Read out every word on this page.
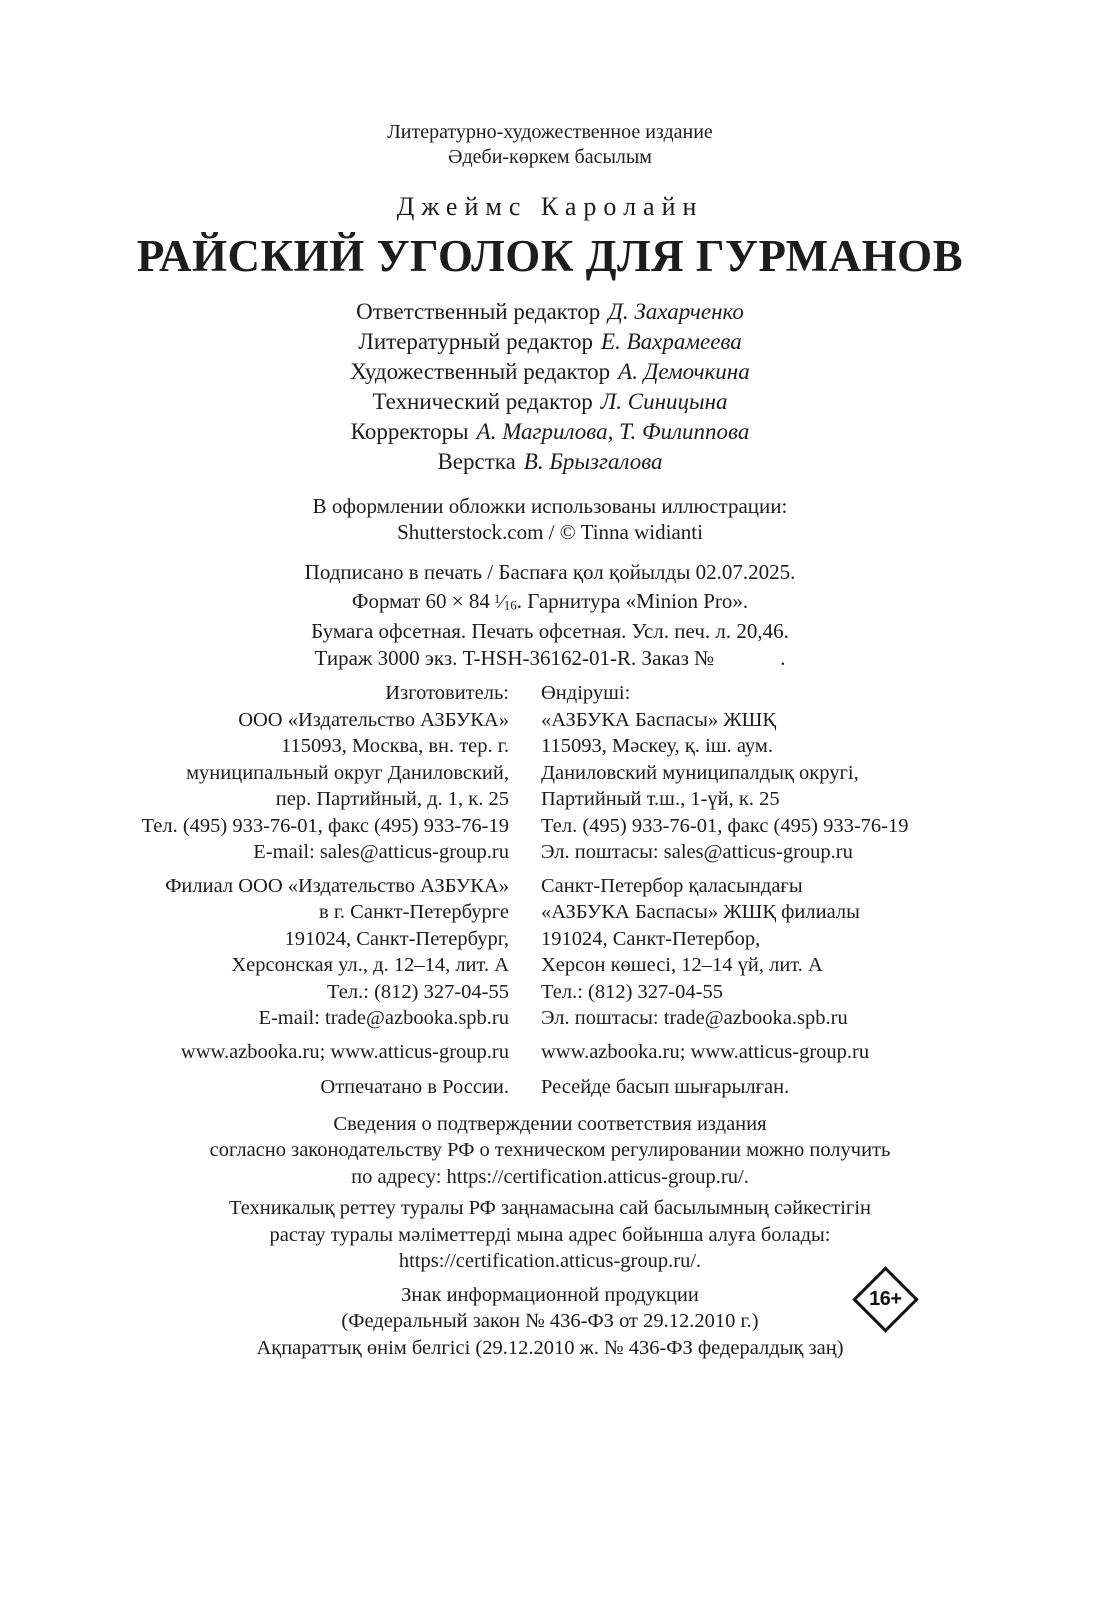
Литературно-художественное издание
Әдеби-көркем басылым
Джеймс Каролайн
РАЙСКИЙ УГОЛОК ДЛЯ ГУРМАНОВ
Ответственный редактор Д. Захарченко
Литературный редактор Е. Вахрамеева
Художественный редактор А. Демочкина
Технический редактор Л. Синицына
Корректоры А. Магрилова, Т. Филиппова
Верстка В. Брызгалова
В оформлении обложки использованы иллюстрации:
Shutterstock.com / © Tinna widianti
Подписано в печать / Баспаға қол қойылды 02.07.2025.
Формат 60 × 84 $^1$⁄16. Гарнитура «Minion Pro».
Бумага офсетная. Печать офсетная. Усл. печ. л. 20,46.
Тираж 3000 экз. T-HSH-36162-01-R. Заказ №	.
Изготовитель:
ООО «Издательство АЗБУКА»
115093, Москва, вн. тер. г.
муниципальный округ Даниловский,
пер. Партийный, д. 1, к. 25
Тел. (495) 933-76-01, факс (495) 933-76-19
E-mail: sales@atticus-group.ru
Филиал ООО «Издательство АЗБУКА»
в г. Санкт-Петербурге
191024, Санкт-Петербург,
Херсонская ул., д. 12–14, лит. А
Тел.: (812) 327-04-55
E-mail: trade@azbooka.spb.ru
www.azbooka.ru; www.atticus-group.ru
Отпечатано в России.
Өндіруші:
«АЗБУКА Баспасы» ЖШҚ
115093, Мәскеу, қ. іш. аум.
Даниловский муниципалдық округі,
Партийный т.ш., 1-үй, к. 25
Тел. (495) 933-76-01, факс (495) 933-76-19
Эл. поштасы: sales@atticus-group.ru
Санкт-Петербор қаласындағы
«АЗБУКА Баспасы» ЖШҚ филиалы
191024, Санкт-Петербор,
Херсон көшесі, 12–14 үй, лит. А
Тел.: (812) 327-04-55
Эл. поштасы: trade@azbooka.spb.ru
www.azbooka.ru; www.atticus-group.ru
Ресейде басып шығарылған.
Сведения о подтверждении соответствия издания
согласно законодательству РФ о техническом регулировании можно получить
по адресу: https://certification.atticus-group.ru/.
Техникалық реттеу туралы РФ заңнамасына сай басылымның сәйкестігін
растау туралы мәліметтерді мына адрес бойынша алуға болады:
https://certification.atticus-group.ru/.
Знак информационной продукции
(Федеральный закон № 436-ФЗ от 29.12.2010 г.)
Ақпараттық өнім белгісі (29.12.2010 ж. № 436-ФЗ федералдық заң)
16+
